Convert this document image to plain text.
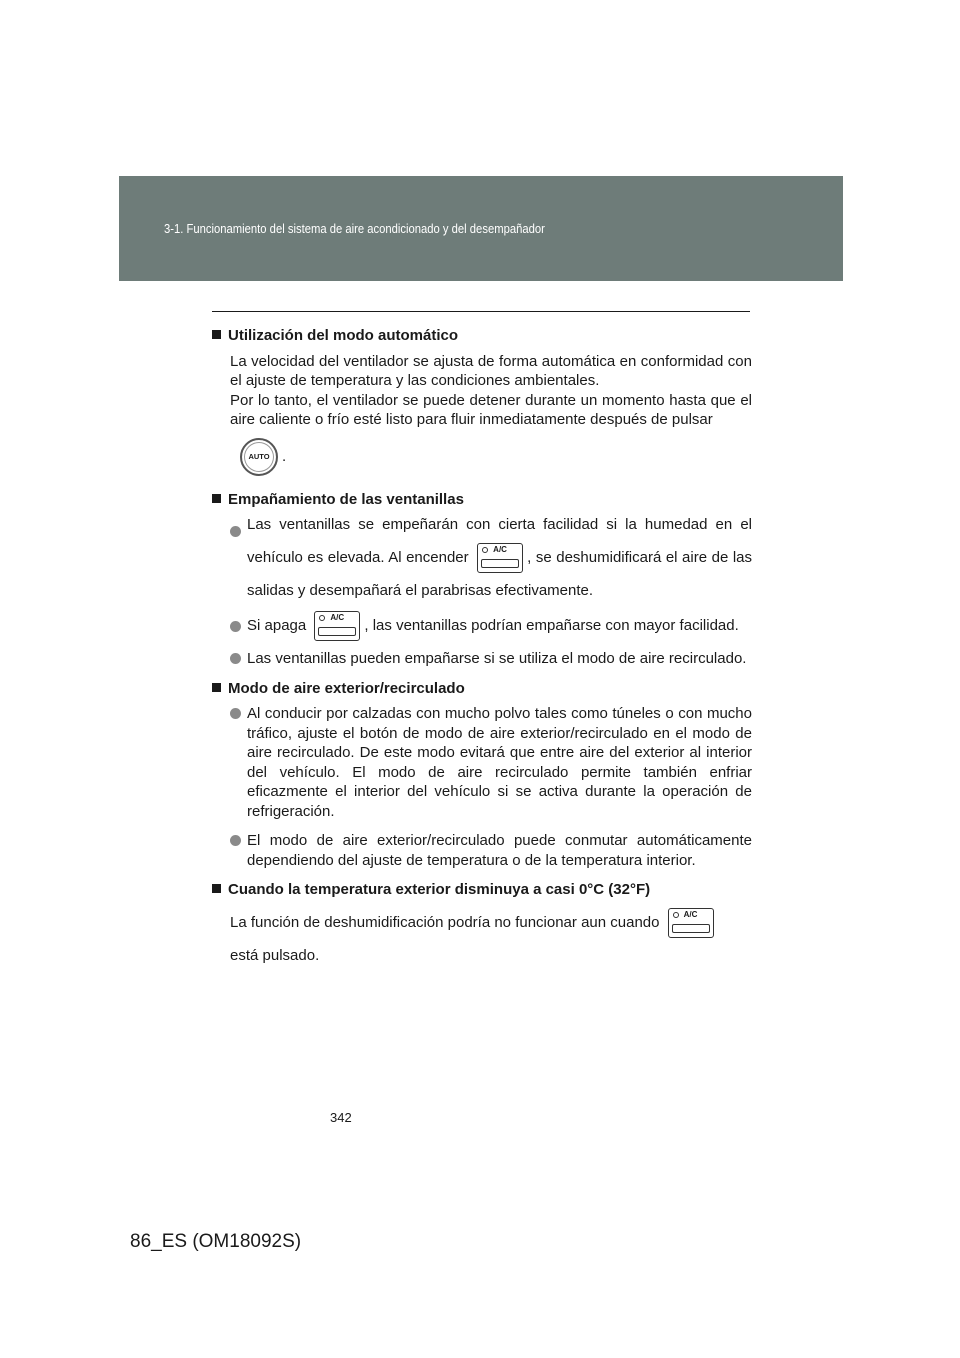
3-1. Funcionamiento del sistema de aire acondicionado y del desempañador
Utilización del modo automático
La velocidad del ventilador se ajusta de forma automática en conformidad con el ajuste de temperatura y las condiciones ambientales.
Por lo tanto, el ventilador se puede detener durante un momento hasta que el aire caliente o frío esté listo para fluir inmediatamente después de pulsar
AUTO .
Empañamiento de las ventanillas
Las ventanillas se empeñarán con cierta facilidad si la humedad en el vehículo es elevada. Al encender	A/C , se deshumidificará el aire de las salidas y desempañará el parabrisas efectivamente.
Si apaga	A/C , las ventanillas podrían empañarse con mayor facilidad.
Las ventanillas pueden empañarse si se utiliza el modo de aire recirculado.
Modo de aire exterior/recirculado
Al conducir por calzadas con mucho polvo tales como túneles o con mucho tráfico, ajuste el botón de modo de aire exterior/recirculado en el modo de aire recirculado. De este modo evitará que entre aire del exterior al interior del vehículo. El modo de aire recirculado permite también enfriar eficazmente el interior del vehículo si se activa durante la operación de refrigeración.
El modo de aire exterior/recirculado puede conmutar automáticamente dependiendo del ajuste de temperatura o de la temperatura interior.
Cuando la temperatura exterior disminuya a casi 0°C (32°F)
La función de deshumidificación podría no funcionar aun cuando	A/C

está pulsado.
342
86_ES (OM18092S)
